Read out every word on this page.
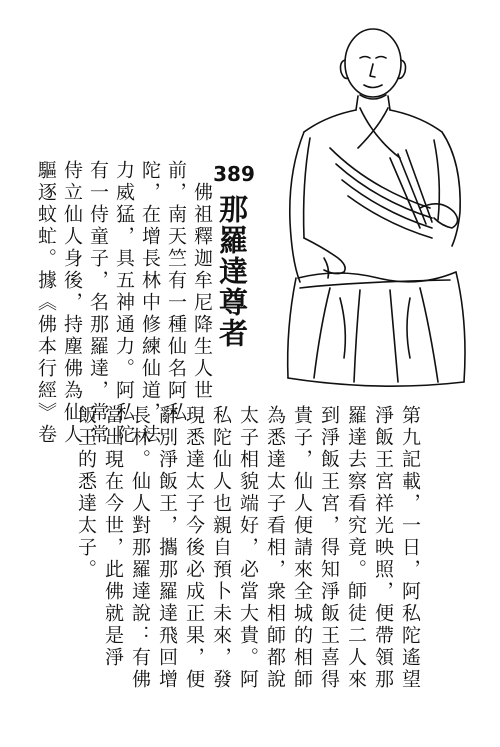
389
那羅達尊者
佛祖釋迦牟尼降生人世
前，南天竺有一種仙名阿私
陀，在增長林中修練仙道，法
力威猛，具五神通力。阿私陀
有一侍童子，名那羅達，常常
侍立仙人身後，持塵佛為仙人
驅逐蚊虻。據《佛本行經》卷
第九記載，一日，阿私陀遙望
淨飯王宮祥光映照，便帶領那
羅達去察看究竟。師徒二人來
到淨飯王宮，得知淨飯王喜得
貴子，仙人便請來全城的相師
為悉達太子看相，衆相師都說
太子相貌端好，必當大貴。阿
私陀仙人也親自預卜未來，發
現悉達太子今後必成正果，便
辭別淨飯王，攜那羅達飛回增
長林。仙人對那羅達說：有佛
當出現在今世，此佛就是淨
飯王的悉達太子。
